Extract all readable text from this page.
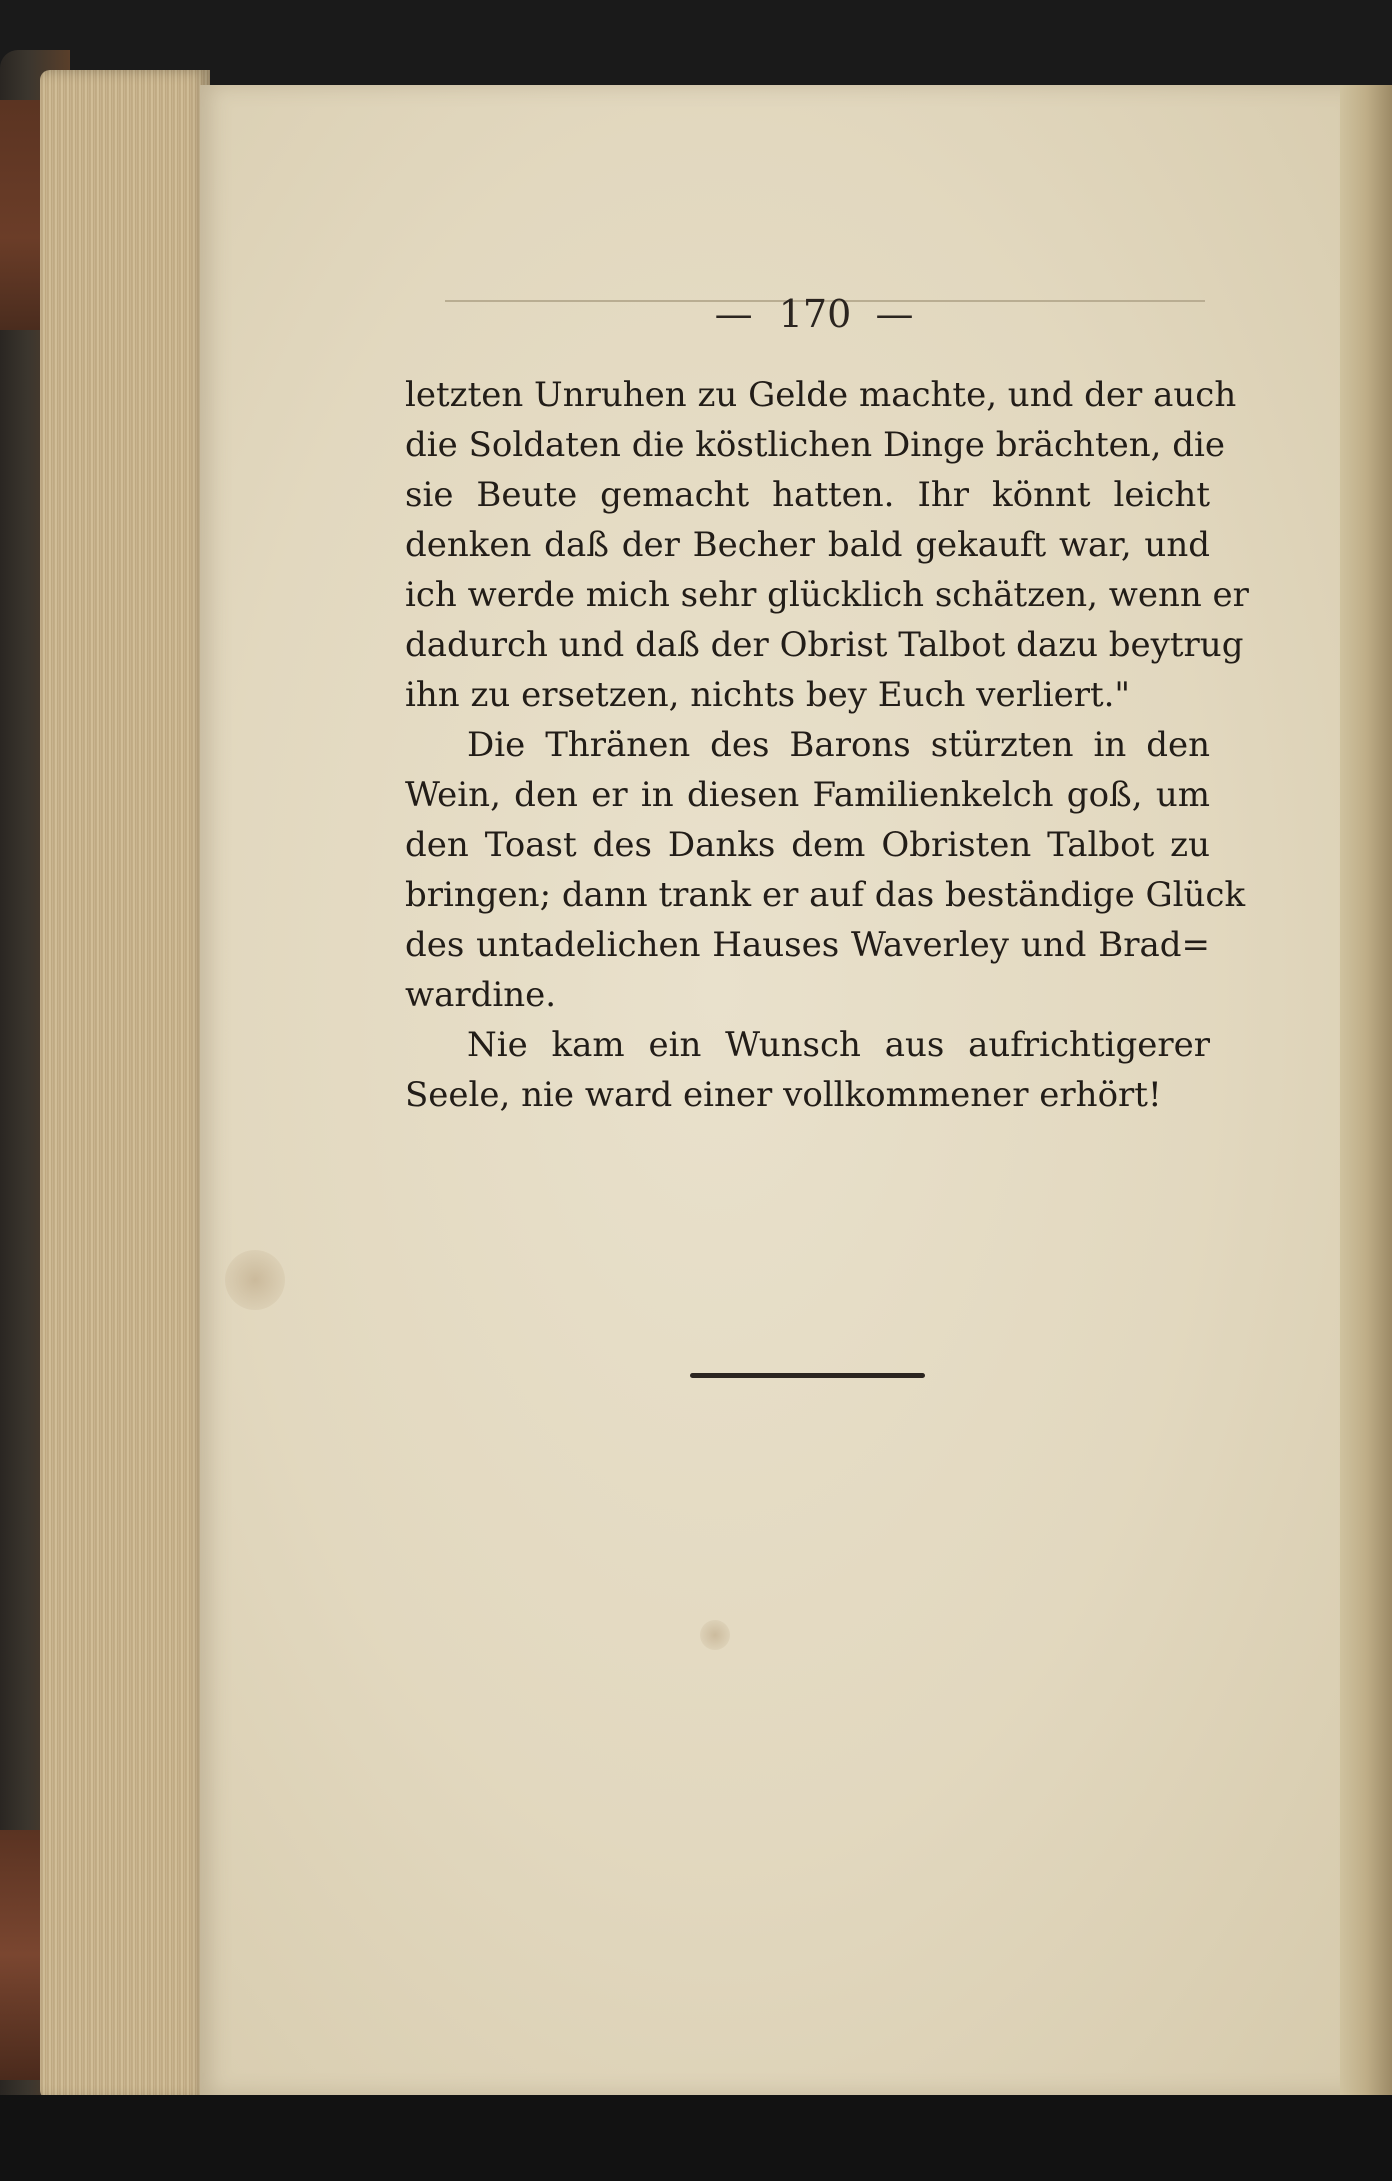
— 170 —
letzten Unruhen zu Gelde machte, und der auch
die Soldaten die köstlichen Dinge brächten, die
sie Beute gemacht hatten. Ihr könnt leicht
denken daß der Becher bald gekauft war, und
ich werde mich sehr glücklich schätzen, wenn er
dadurch und daß der Obrist Talbot dazu beytrug
ihn zu ersetzen, nichts bey Euch verliert."
Die Thränen des Barons stürzten in den
Wein, den er in diesen Familienkelch goß, um
den Toast des Danks dem Obristen Talbot zu
bringen; dann trank er auf das beständige Glück
des untadelichen Hauses Waverley und Brad=
wardine.
Nie kam ein Wunsch aus aufrichtigerer
Seele, nie ward einer vollkommener erhört!
